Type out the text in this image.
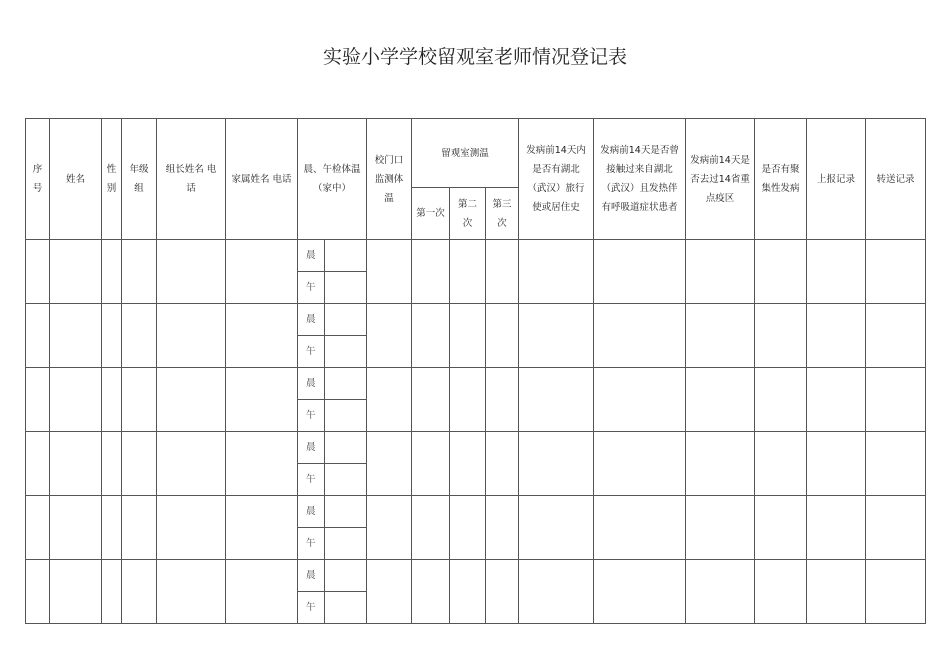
实验小学学校留观室老师情况登记表
序号	姓名	性别	年级组	组长姓名 电话	家属姓名 电话	晨、午检体温（家中）		校门口监测体温	留观室测温			发病前14天内是否有湖北（武汉）旅行使或居住史	发病前14天是否曾接触过来自湖北（武汉）且发热伴有呼吸道症状患者	发病前14天是否去过14省重点疫区	是否有聚集性发病	上报记录	转送记录
									第一次	第二次	第三次						
						晨											
						午											
						晨											
						午											
						晨											
						午											
						晨											
						午											
						晨											
						午											
						晨											
						午											
